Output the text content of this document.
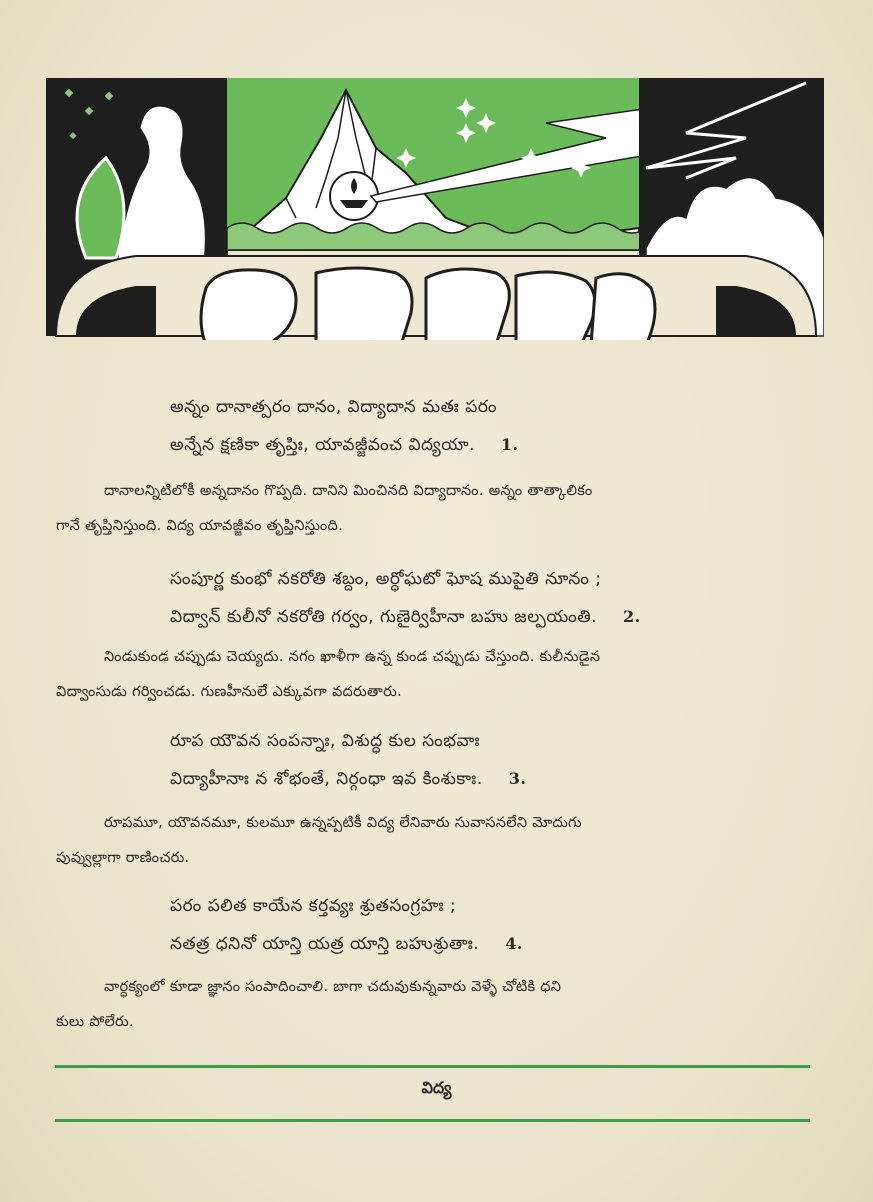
అన్నం దానాత్పరం దానం, విద్యాదాన మతః పరం
అన్నేన క్షణికా తృప్తిః, యావజ్జీవంచ విద్యయా. 1.
దానాలన్నిటిలోకీ అన్నదానం గొప్పది. దానిని మించినది విద్యాదానం. అన్నం తాత్కాలికం
గానే తృప్తినిస్తుంది. విద్య యావజ్జీవం తృప్తినిస్తుంది.
సంపూర్ణ కుంభో నకరోతి శబ్దం, అర్ధోఘటో ఘోష ముపైతి నూనం ;
విద్వాన్ కులీనో నకరోతి గర్వం, గుణైర్విహీనా బహు జల్పయంతి. 2.
నిండుకుండ చప్పుడు చెయ్యదు. నగం ఖాళీగా ఉన్న కుండ చప్పుడు చేస్తుంది. కులీనుడైన
విద్వాంసుడు గర్వించడు. గుణహీనులే ఎక్కువగా వదరుతారు.
రూప యౌవన సంపన్నాః, విశుద్ధ కుల సంభవాః
విద్యాహీనాః న శోభంతే, నిర్గంధా ఇవ కింశుకాః. 3.
రూపమూ, యౌవనమూ, కులమూ ఉన్నప్పటికీ విద్య లేనివారు సువాసనలేని మోదుగు
పువ్వుల్లాగా రాణించరు.
పరం పలిత కాయేన కర్తవ్యః శ్రుతసంగ్రహః ;
నతత్ర ధనినో యాన్తి యత్ర యాన్తి బహుశ్రుతాః. 4.
వార్ధక్యంలో కూడా జ్ఞానం సంపాదించాలి. బాగా చదువుకున్నవారు వెళ్ళే చోటికి ధని
కులు పోలేరు.
విద్య
